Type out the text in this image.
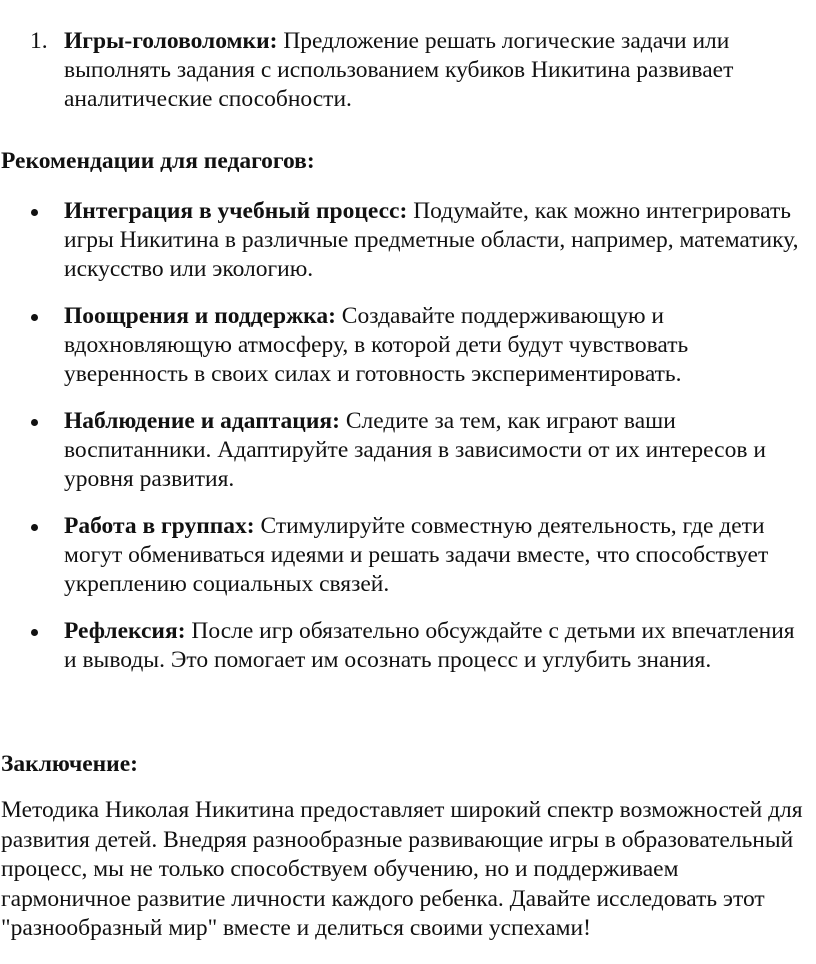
1. Игры-головоломки: Предложение решать логические задачи или выполнять задания с использованием кубиков Никитина развивает аналитические способности.
Рекомендации для педагогов:
Интеграция в учебный процесс: Подумайте, как можно интегрировать игры Никитина в различные предметные области, например, математику, искусство или экологию.
Поощрения и поддержка: Создавайте поддерживающую и вдохновляющую атмосферу, в которой дети будут чувствовать уверенность в своих силах и готовность экспериментировать.
Наблюдение и адаптация: Следите за тем, как играют ваши воспитанники. Адаптируйте задания в зависимости от их интересов и уровня развития.
Работа в группах: Стимулируйте совместную деятельность, где дети могут обмениваться идеями и решать задачи вместе, что способствует укреплению социальных связей.
Рефлексия: После игр обязательно обсуждайте с детьми их впечатления и выводы. Это помогает им осознать процесс и углубить знания.
Заключение:
Методика Николая Никитина предоставляет широкий спектр возможностей для развития детей. Внедряя разнообразные развивающие игры в образовательный процесс, мы не только способствуем обучению, но и поддерживаем гармоничное развитие личности каждого ребенка. Давайте исследовать этот "разнообразный мир" вместе и делиться своими успехами!
